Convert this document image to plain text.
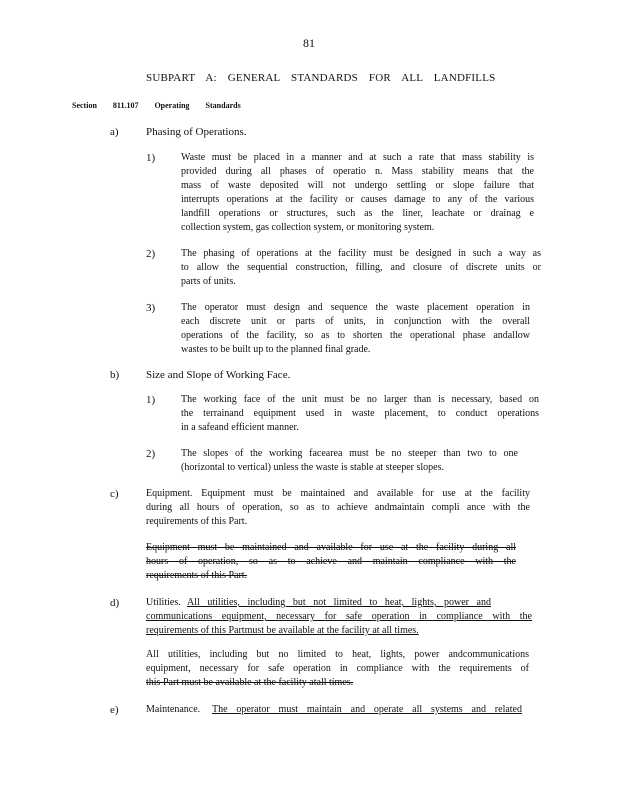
81
SUBPART A: GENERAL STANDARDS FOR ALL LANDFILLS
Section 811.107 Operating Standards
a) Phasing of Operations.
1)	Waste must be placed in a manner and at such a rate that mass stability is
provided during all phases of operatio n. Mass stability means that the
mass of waste deposited will not undergo settling or slope failure that
interrupts operations at the facility or causes damage to any of the various
landfill operations or structures, such as the liner, leachate or drainag e
collection system, gas collection system, or monitoring system.
2)	The phasing of operations at the facility must be designed in such a way as
to allow the sequential construction, filling, and closure of discrete units or
parts of units.
3)	The operator must design and sequence the waste placement operation in
each discrete unit or parts of units, in conjunction with the overall
operations of the facility, so as to shorten the operational phase andallow
wastes to be built up to the planned final grade.
b) Size and Slope of Working Face.
1)	The working face of the unit must be no larger than is necessary, based on
the terrainand equipment used in waste placement, to conduct operations
in a safeand efficient manner.
2)	The slopes of the working facearea must be no steeper than two to one
(horizontal to vertical) unless the waste is stable at steeper slopes.
c)	Equipment. Equipment must be maintained and available for use at the facility
during all hours of operation, so as to achieve andmaintain compli ance with the
requirements of this Part.
Equipment must be maintained and available for use at the facility during all
hours of operation, so as to achieve and maintain compliance with the
requirements of this Part.
d)	Utilities. All utilities, including but not limited to heat, lights, power and
communications equipment, necessary for safe operation in compliance with the
requirements of this Partmust be available at the facility at all times.
All utilities, including but no limited to heat, lights, power andcommunications
equipment, necessary for safe operation in compliance with the requirements of
this Part must be available at the facility atall times.
e)	Maintenance. The operator must maintain and operate all systems and related
